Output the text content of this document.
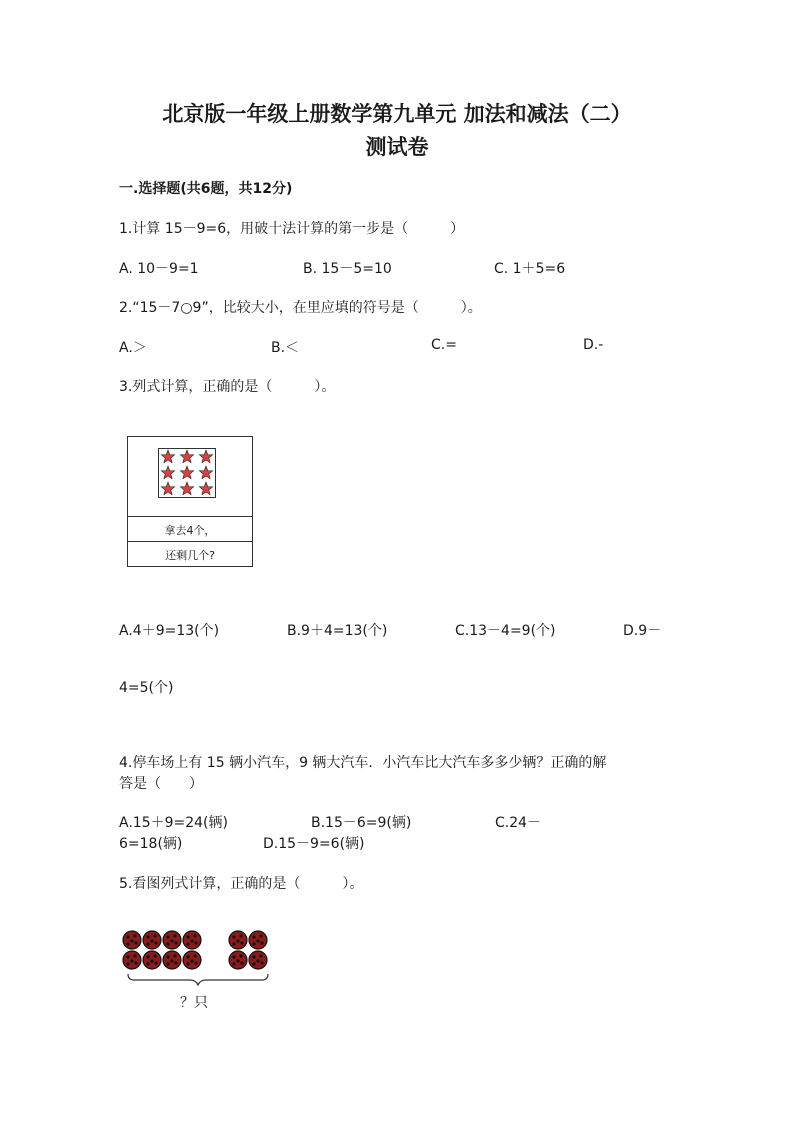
北京版一年级上册数学第九单元 加法和减法（二）
测试卷
一.选择题(共6题，共12分)
1.计算 15－9=6，用破十法计算的第一步是（　　　）
A. 10－9=1	B. 15－5=10	C. 1＋5=6
2.“15－7○9”，比较大小，在里应填的符号是（　　　）。
A.＞	B.＜	C.=	D.-
3.列式计算，正确的是（　　　）。
拿去4个，
还剩几个?
A.4＋9=13(个)	B.9＋4=13(个)	C.13－4=9(个)	D.9－
4=5(个)
4.停车场上有 15 辆小汽车，9 辆大汽车．小汽车比大汽车多多少辆？正确的解
答是（　　）
A.15＋9=24(辆)	B.15－6=9(辆)	C.24－
6=18(辆)	D.15－9=6(辆)
5.看图列式计算，正确的是（　　　）。
？只
